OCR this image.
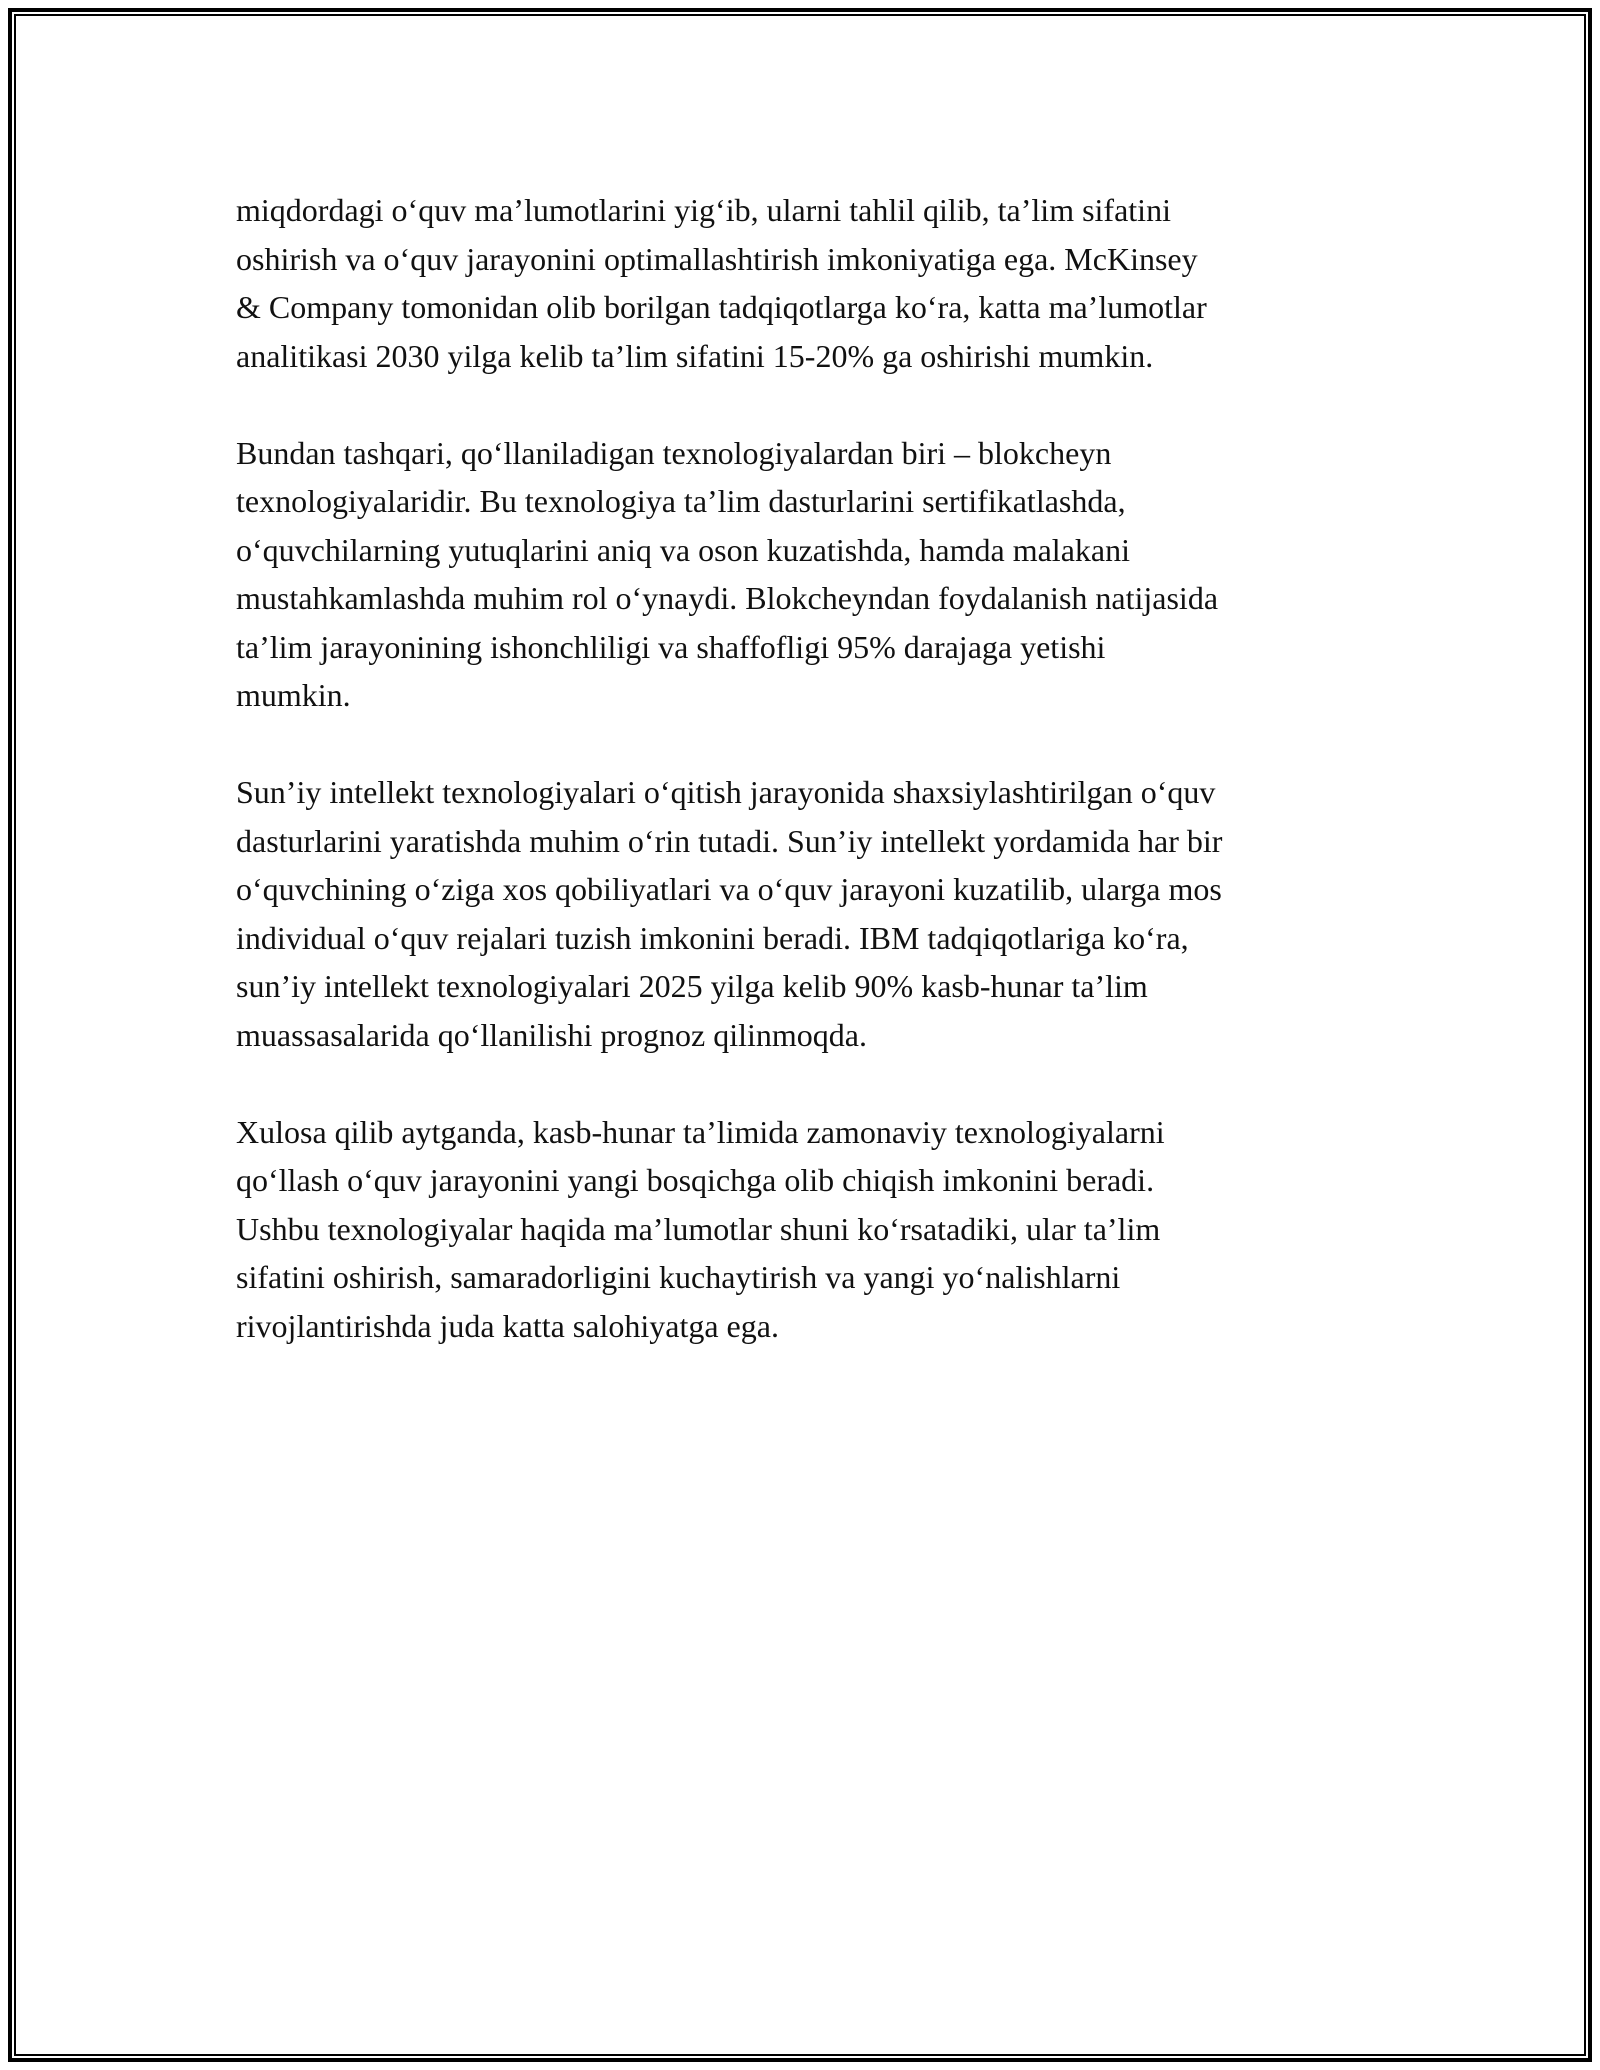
miqdordagi o‘quv ma’lumotlarini yig‘ib, ularni tahlil qilib, ta’lim sifatini
oshirish va o‘quv jarayonini optimallashtirish imkoniyatiga ega. McKinsey
& Company tomonidan olib borilgan tadqiqotlarga ko‘ra, katta ma’lumotlar
analitikasi 2030 yilga kelib ta’lim sifatini 15-20% ga oshirishi mumkin.

Bundan tashqari, qo‘llaniladigan texnologiyalardan biri – blokcheyn
texnologiyalaridir. Bu texnologiya ta’lim dasturlarini sertifikatlashda,
o‘quvchilarning yutuqlarini aniq va oson kuzatishda, hamda malakani
mustahkamlashda muhim rol o‘ynaydi. Blokcheyndan foydalanish natijasida
ta’lim jarayonining ishonchliligi va shaffofligi 95% darajaga yetishi
mumkin.

Sun’iy intellekt texnologiyalari o‘qitish jarayonida shaxsiylashtirilgan o‘quv
dasturlarini yaratishda muhim o‘rin tutadi. Sun’iy intellekt yordamida har bir
o‘quvchining o‘ziga xos qobiliyatlari va o‘quv jarayoni kuzatilib, ularga mos
individual o‘quv rejalari tuzish imkonini beradi. IBM tadqiqotlariga ko‘ra,
sun’iy intellekt texnologiyalari 2025 yilga kelib 90% kasb-hunar ta’lim
muassasalarida qo‘llanilishi prognoz qilinmoqda.

Xulosa qilib aytganda, kasb-hunar ta’limida zamonaviy texnologiyalarni
qo‘llash o‘quv jarayonini yangi bosqichga olib chiqish imkonini beradi.
Ushbu texnologiyalar haqida ma’lumotlar shuni ko‘rsatadiki, ular ta’lim
sifatini oshirish, samaradorligini kuchaytirish va yangi yo‘nalishlarni
rivojlantirishda juda katta salohiyatga ega.
